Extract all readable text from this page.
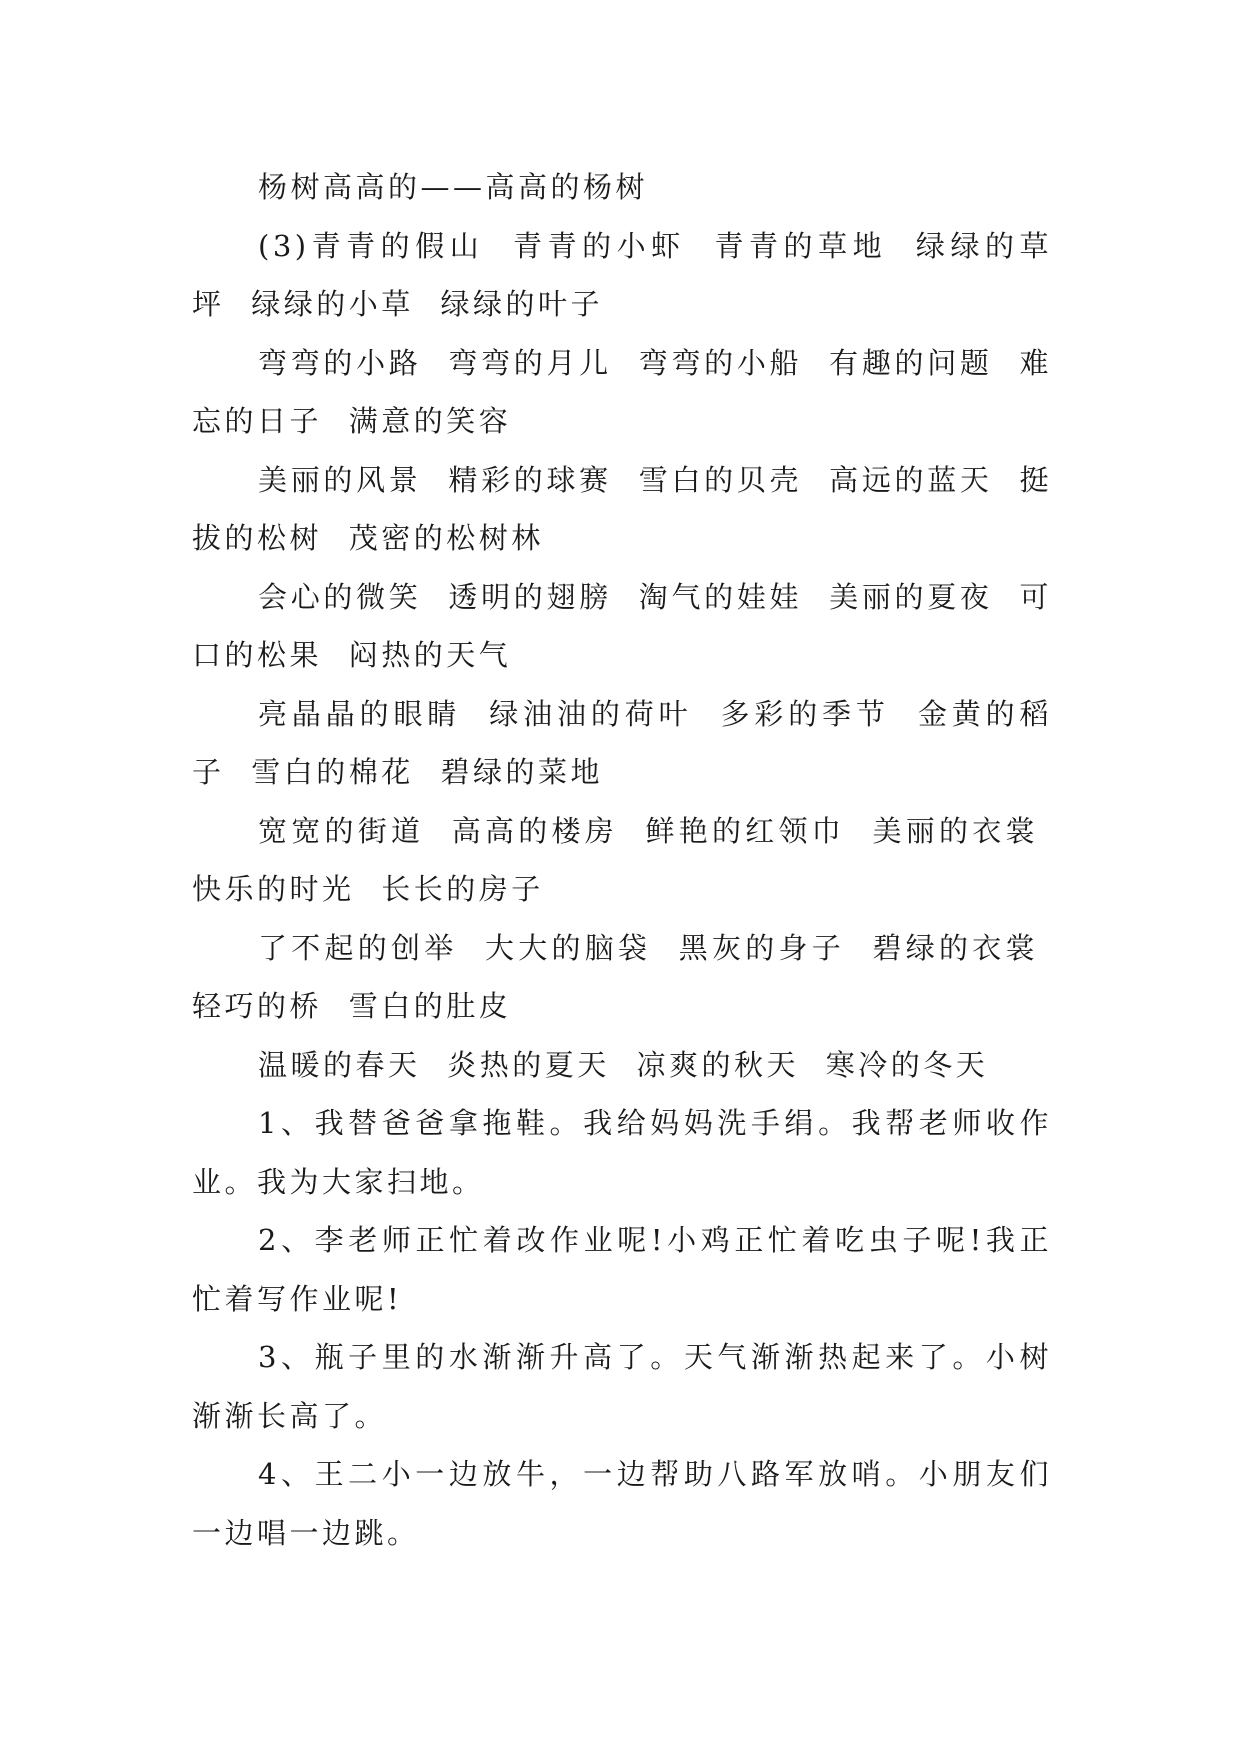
杨树高高的——高高的杨树

(3)青青的假山 青青的小虾 青青的草地 绿绿的草坪 绿绿的小草 绿绿的叶子

弯弯的小路 弯弯的月儿 弯弯的小船 有趣的问题 难忘的日子 满意的笑容

美丽的风景 精彩的球赛 雪白的贝壳 高远的蓝天 挺拔的松树 茂密的松树林

会心的微笑 透明的翅膀 淘气的娃娃 美丽的夏夜 可口的松果 闷热的天气

亮晶晶的眼睛 绿油油的荷叶 多彩的季节 金黄的稻子 雪白的棉花 碧绿的菜地

宽宽的街道 高高的楼房 鲜艳的红领巾 美丽的衣裳 快乐的时光 长长的房子

了不起的创举 大大的脑袋 黑灰的身子 碧绿的衣裳 轻巧的桥 雪白的肚皮

温暖的春天 炎热的夏天 凉爽的秋天 寒冷的冬天

1、我替爸爸拿拖鞋。我给妈妈洗手绢。我帮老师收作业。我为大家扫地。

2、李老师正忙着改作业呢!小鸡正忙着吃虫子呢!我正忙着写作业呢!

3、瓶子里的水渐渐升高了。天气渐渐热起来了。小树渐渐长高了。

4、王二小一边放牛，一边帮助八路军放哨。小朋友们一边唱一边跳。
